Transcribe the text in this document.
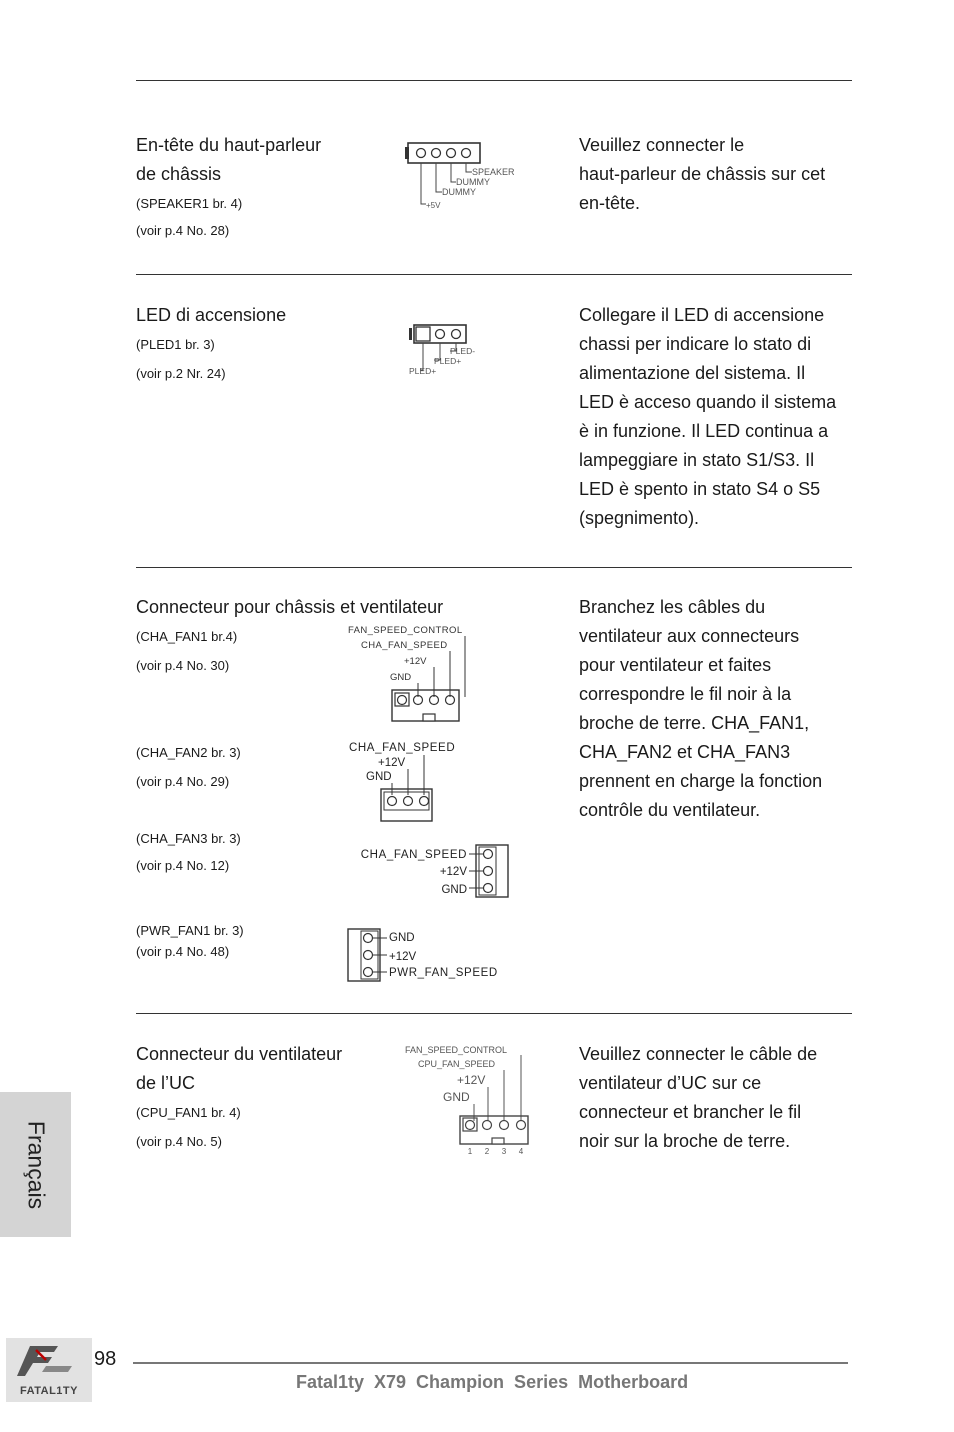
En-tête du haut-parleur
de châssis
(SPEAKER1 br. 4)
(voir p.4 No. 28)
SPEAKER
DUMMY
DUMMY
+5V
Veuillez connecter le
haut-parleur de châssis sur cet
en-tête.
LED di accensione
(PLED1 br. 3)
(voir p.2 Nr. 24)
PLED-
PLED+
PLED+
Collegare il LED di accensione
chassi per indicare lo stato di
alimentazione del sistema. Il
LED è acceso quando il sistema
è in funzione. Il LED continua a
lampeggiare in stato S1/S3. Il
LED è spento in stato S4 o S5
(spegnimento).
Connecteur pour châssis et ventilateur
(CHA_FAN1 br.4)
(voir p.4 No. 30)
FAN_SPEED_CONTROL
CHA_FAN_SPEED
+12V
GND
(CHA_FAN2 br. 3)
(voir p.4 No. 29)
CHA_FAN_SPEED
+12V
GND
(CHA_FAN3 br. 3)
(voir p.4 No. 12)
CHA_FAN_SPEED
+12V
GND
(PWR_FAN1 br. 3)
(voir p.4 No. 48)
GND
+12V
PWR_FAN_SPEED
Branchez les câbles du
ventilateur aux connecteurs
pour ventilateur et faites
correspondre le fil noir à la
broche de terre. CHA_FAN1,
CHA_FAN2 et CHA_FAN3
prennent en charge la fonction
contrôle du ventilateur.
Connecteur du ventilateur
de l’UC
(CPU_FAN1 br. 4)
(voir p.4 No. 5)
FAN_SPEED_CONTROL
CPU_FAN_SPEED
+12V
GND
1 2 3 4
Veuillez connecter le câble de
ventilateur d’UC sur ce
connecteur et brancher le fil
noir sur la broche de terre.
Français
FATAL1TY
98
Fatal1ty  X79  Champion  Series  Motherboard
